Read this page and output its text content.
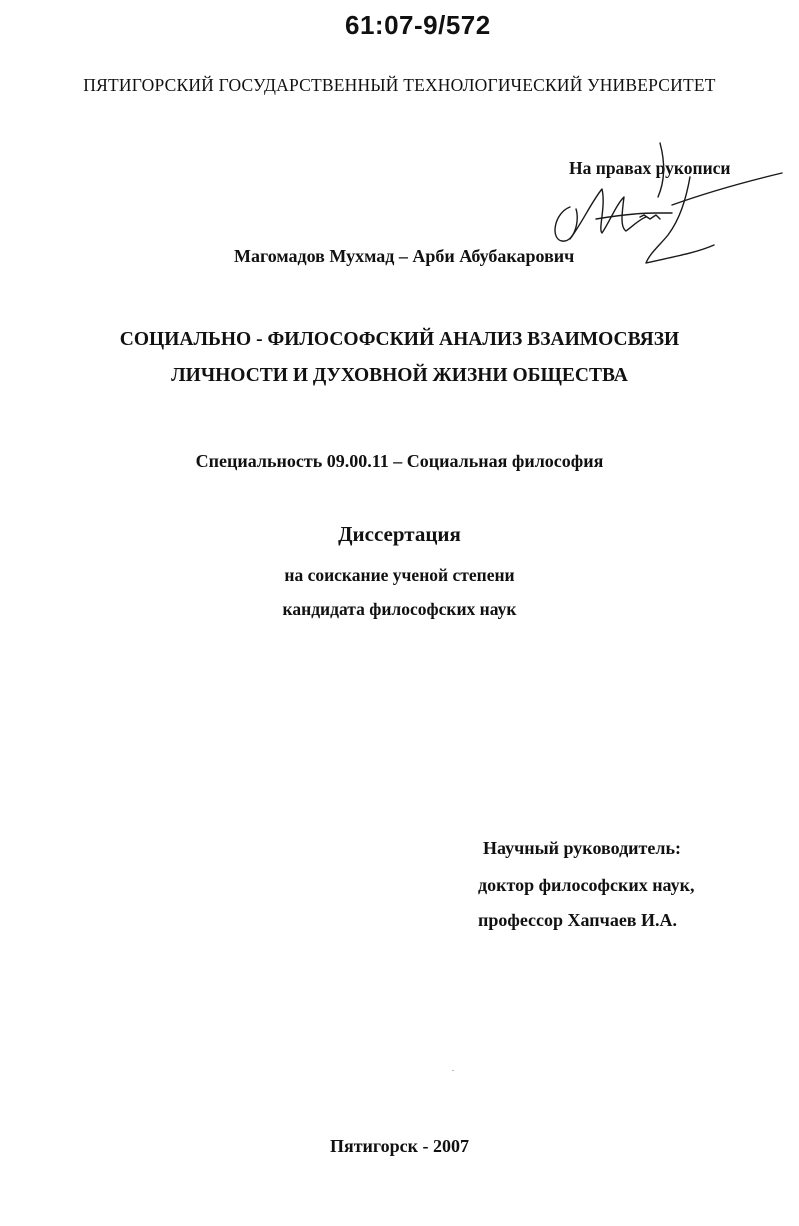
61:07-9/572
ПЯТИГОРСКИЙ ГОСУДАРСТВЕННЫЙ ТЕХНОЛОГИЧЕСКИЙ УНИВЕРСИТЕТ
На правах рукописи
Магомадов Мухмад – Арби Абубакарович
СОЦИАЛЬНО - ФИЛОСОФСКИЙ АНАЛИЗ ВЗАИМОСВЯЗИ
ЛИЧНОСТИ И ДУХОВНОЙ ЖИЗНИ ОБЩЕСТВА
Специальность 09.00.11 – Социальная философия
Диссертация
на соискание ученой степени
кандидата философских наук
Научный руководитель:
доктор философских наук,
профессор Хапчаев И.А.
Пятигорск - 2007
